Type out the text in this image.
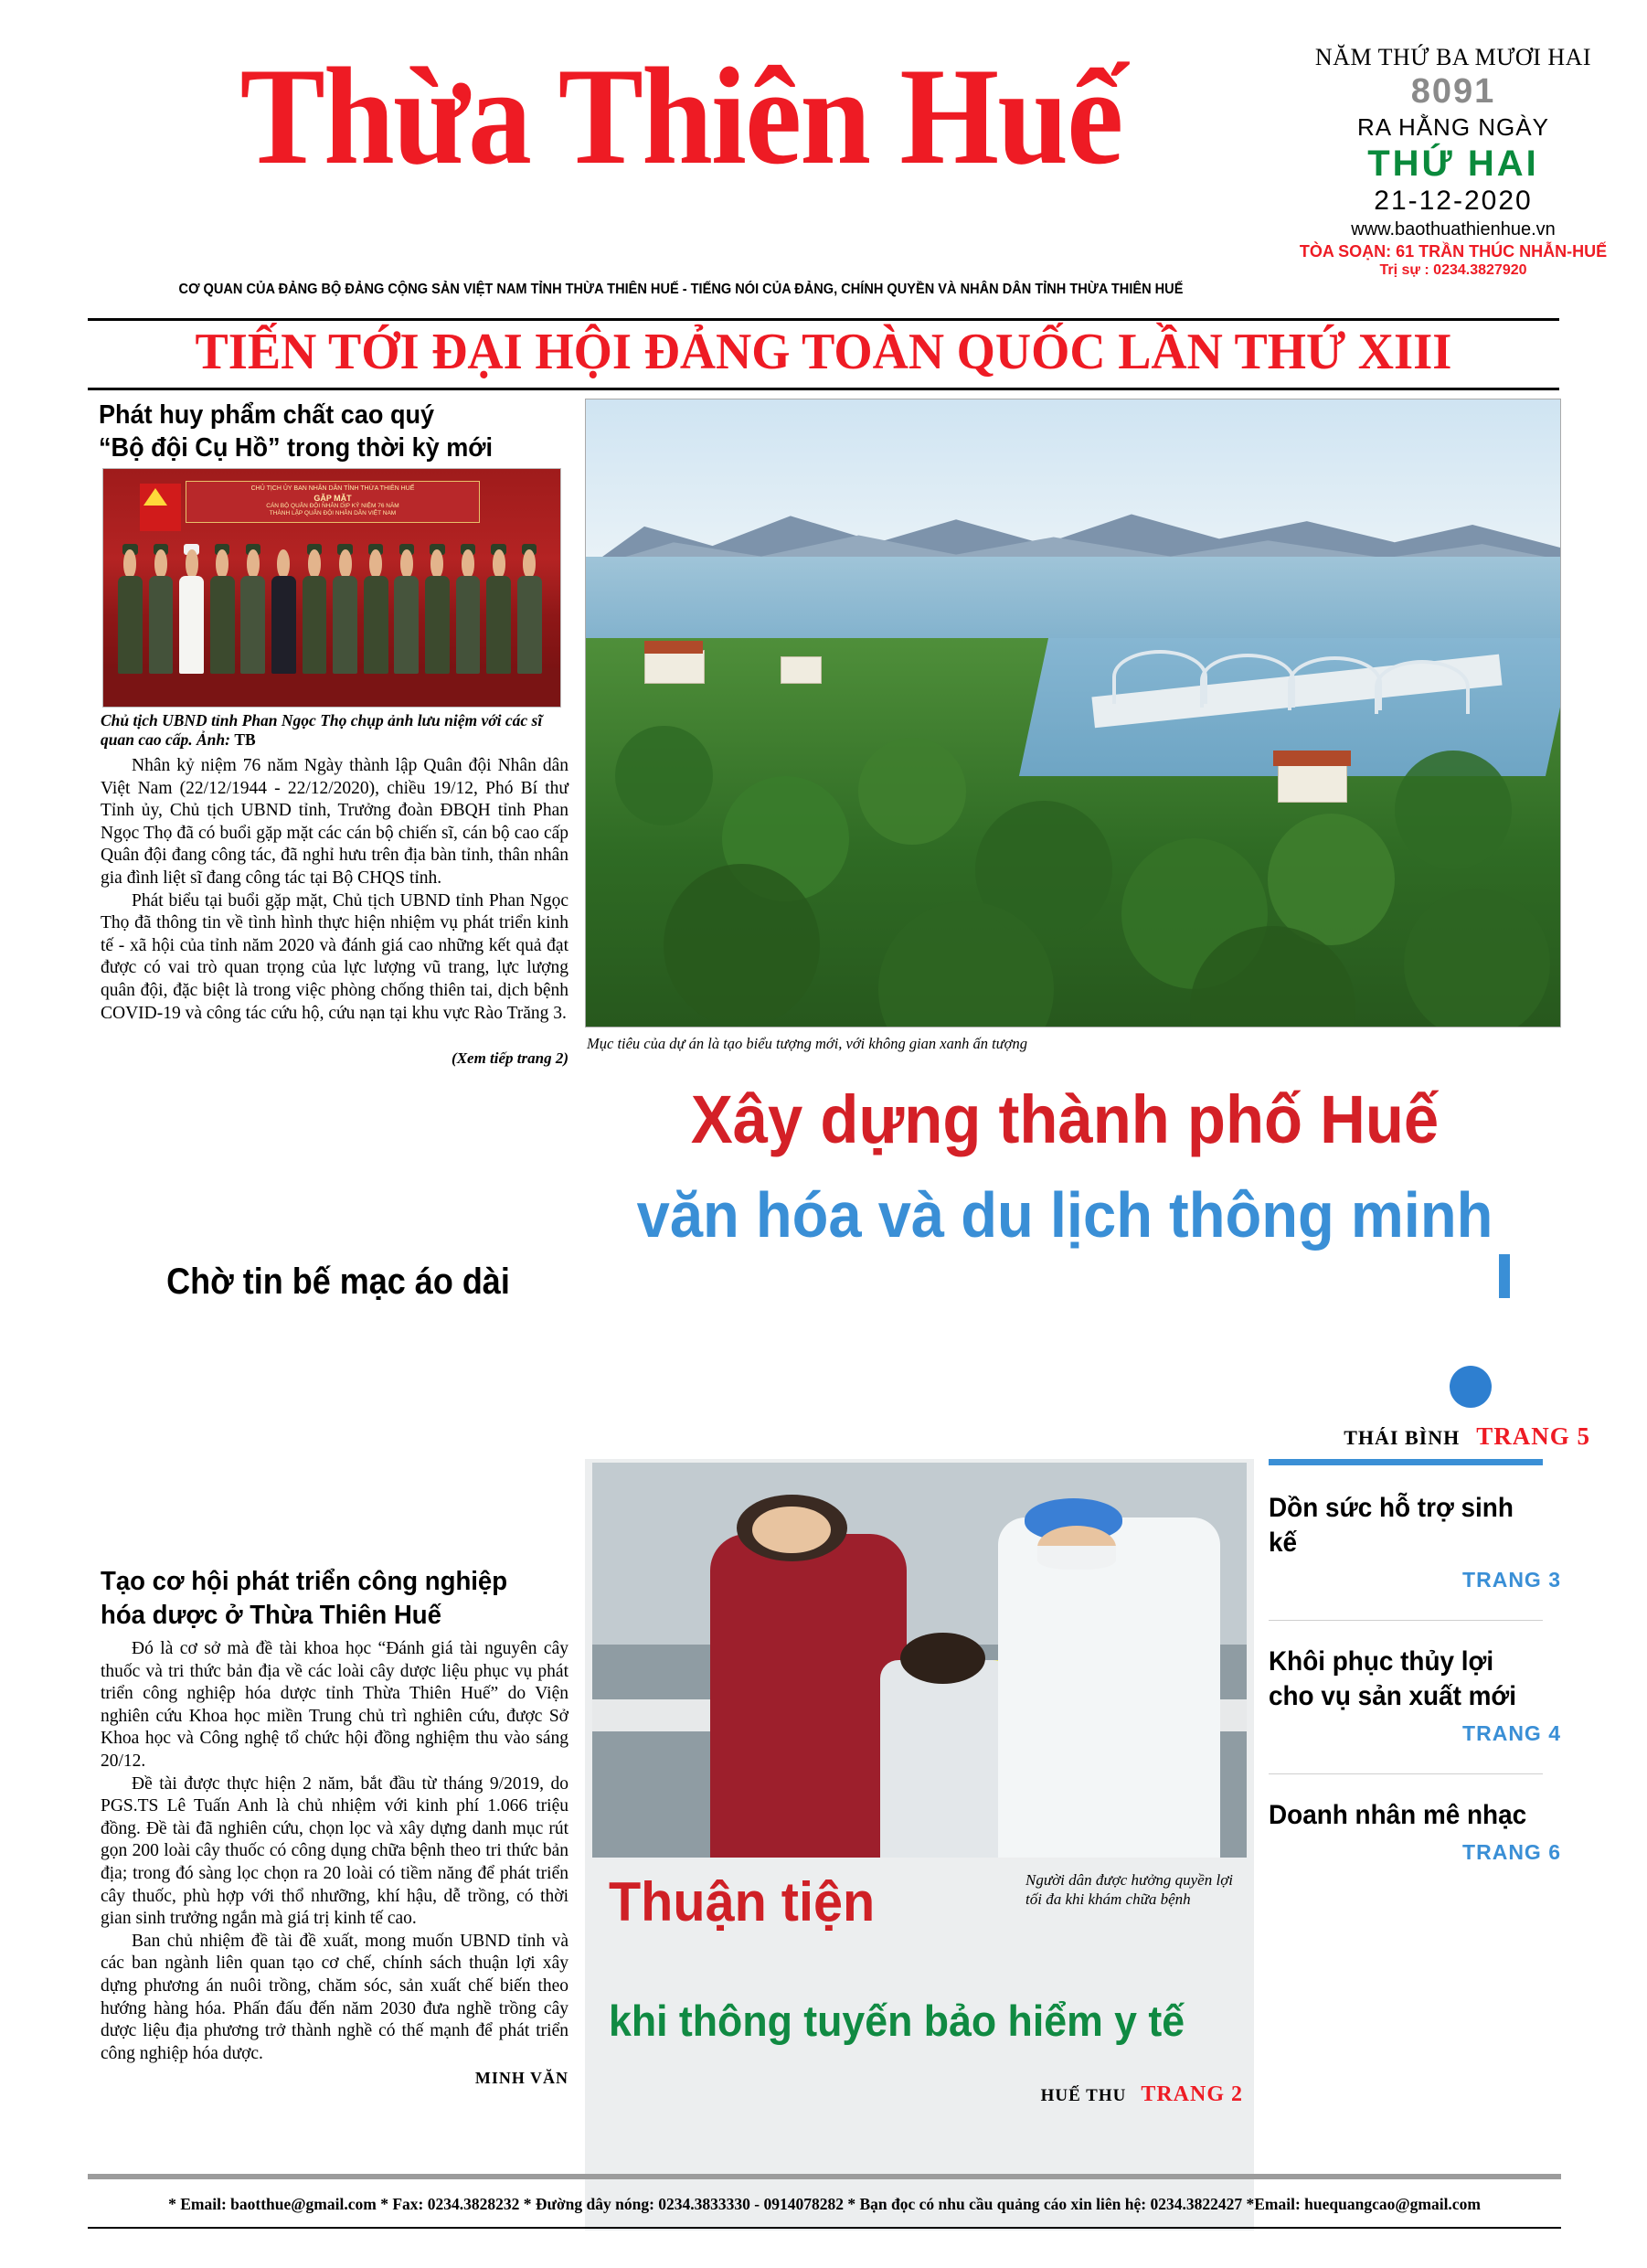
Thừa Thiên Huế
CƠ QUAN CỦA ĐẢNG BỘ ĐẢNG CỘNG SẢN VIỆT NAM TỈNH THỪA THIÊN HUẾ - TIẾNG NÓI CỦA ĐẢNG, CHÍNH QUYỀN VÀ NHÂN DÂN TỈNH THỪA THIÊN HUẾ
NĂM THỨ BA MƯƠI HAI
8091
RA HẰNG NGÀY
THỨ HAI
21-12-2020
www.baothuathienhue.vn
TÒA SOẠN: 61 TRẦN THÚC NHẪN-HUẾ
Trị sự : 0234.3827920
TIẾN TỚI ĐẠI HỘI ĐẢNG TOÀN QUỐC LẦN THỨ XIII
Phát huy phẩm chất cao quý
“Bộ đội Cụ Hồ” trong thời kỳ mới
CHỦ TỊCH ỦY BAN NHÂN DÂN TỈNH THỪA THIÊN HUẾ
GẶP MẶT
CÁN BỘ QUÂN ĐỘI NHÂN DỊP KỶ NIỆM 76 NĂM
THÀNH LẬP QUÂN ĐỘI NHÂN DÂN VIỆT NAM
Chủ tịch UBND tỉnh Phan Ngọc Thọ chụp ảnh lưu niệm với các sĩ quan cao cấp. Ảnh: TB

Nhân kỷ niệm 76 năm Ngày thành lập Quân đội Nhân dân Việt Nam (22/12/1944 - 22/12/2020), chiều 19/12, Phó Bí thư Tỉnh ủy, Chủ tịch UBND tỉnh, Trưởng đoàn ĐBQH tỉnh Phan Ngọc Thọ đã có buổi gặp mặt các cán bộ chiến sĩ, cán bộ cao cấp Quân đội đang công tác, đã nghỉ hưu trên địa bàn tỉnh, thân nhân gia đình liệt sĩ đang công tác tại Bộ CHQS tỉnh.

Phát biểu tại buổi gặp mặt, Chủ tịch UBND tỉnh Phan Ngọc Thọ đã thông tin về tình hình thực hiện nhiệm vụ phát triển kinh tế - xã hội của tỉnh năm 2020 và đánh giá cao những kết quả đạt được có vai trò quan trọng của lực lượng vũ trang, lực lượng quân đội, đặc biệt là trong việc phòng chống thiên tai, dịch bệnh COVID-19 và công tác cứu hộ, cứu nạn tại khu vực Rào Trăng 3.

(Xem tiếp trang 2)
Mục tiêu của dự án là tạo biểu tượng mới, với không gian xanh ấn tượng
Xây dựng thành phố Huế
văn hóa và du lịch thông minh
Chờ tin bế mạc áo dài
THÁI BÌNH TRANG 5
Dồn sức hỗ trợ sinh kế
TRANG 3
Khôi phục thủy lợi
cho vụ sản xuất mới
TRANG 4
Doanh nhân mê nhạc
TRANG 6
Tạo cơ hội phát triển công nghiệp
hóa dược ở Thừa Thiên Huế

Đó là cơ sở mà đề tài khoa học “Đánh giá tài nguyên cây thuốc và tri thức bản địa về các loài cây dược liệu phục vụ phát triển công nghiệp hóa dược tỉnh Thừa Thiên Huế” do Viện nghiên cứu Khoa học miền Trung chủ trì nghiên cứu, được Sở Khoa học và Công nghệ tổ chức hội đồng nghiệm thu vào sáng 20/12.

Đề tài được thực hiện 2 năm, bắt đầu từ tháng 9/2019, do PGS.TS Lê Tuấn Anh là chủ nhiệm với kinh phí 1.066 triệu đồng. Đề tài đã nghiên cứu, chọn lọc và xây dựng danh mục rút gọn 200 loài cây thuốc có công dụng chữa bệnh theo tri thức bản địa; trong đó sàng lọc chọn ra 20 loài có tiềm năng để phát triển cây thuốc, phù hợp với thổ nhưỡng, khí hậu, dễ trồng, có thời gian sinh trưởng ngắn mà giá trị kinh tế cao.

Ban chủ nhiệm đề tài đề xuất, mong muốn UBND tỉnh và các ban ngành liên quan tạo cơ chế, chính sách thuận lợi xây dựng phương án nuôi trồng, chăm sóc, sản xuất chế biến theo hướng hàng hóa. Phấn đấu đến năm 2030 đưa nghề trồng cây dược liệu địa phương trở thành nghề có thế mạnh để phát triển công nghiệp hóa dược.

MINH VĂN
Thuận tiện	Người dân được hưởng quyền lợi tối đa khi khám chữa bệnh
khi thông tuyến bảo hiểm y tế
HUẾ THU TRANG 2
* Email: baotthue@gmail.com * Fax: 0234.3828232 * Đường dây nóng: 0234.3833330 - 0914078282 * Bạn đọc có nhu cầu quảng cáo xin liên hệ: 0234.3822427 *Email: huequangcao@gmail.com
